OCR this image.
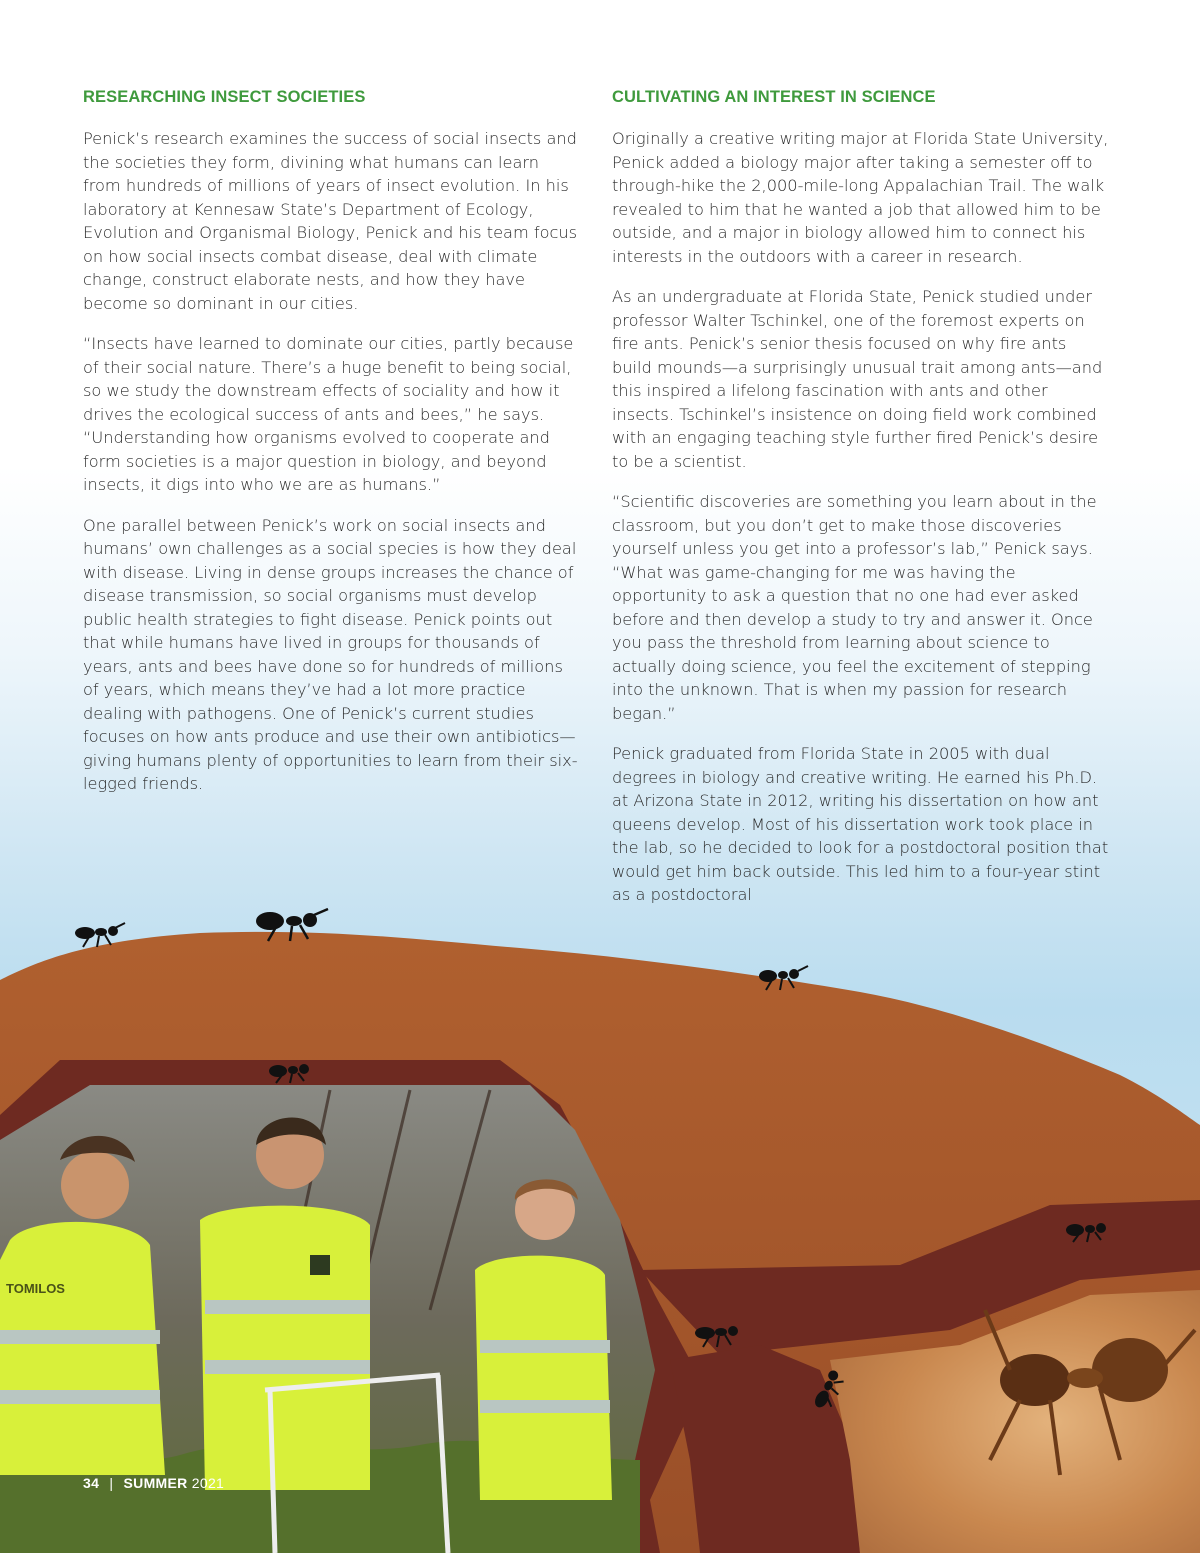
TOMILOS
RESEARCHING INSECT SOCIETIES

Penick’s research examines the success of social insects and the societies they form, divining what humans can learn from hundreds of millions of years of insect evolution. In his laboratory at Kennesaw State’s Department of Ecology, Evolution and Organismal Biology, Penick and his team focus on how social insects combat disease, deal with climate change, construct elaborate nests, and how they have become so dominant in our cities.

“Insects have learned to dominate our cities, partly because of their social nature. There’s a huge benefit to being social, so we study the downstream effects of sociality and how it drives the ecological success of ants and bees,” he says. “Understanding how organisms evolved to cooperate and form societies is a major question in biology, and beyond insects, it digs into who we are as humans.”

One parallel between Penick’s work on social insects and humans’ own challenges as a social species is how they deal with disease. Living in dense groups increases the chance of disease transmission, so social organisms must develop public health strategies to fight disease. Penick points out that while humans have lived in groups for thousands of years, ants and bees have done so for hundreds of millions of years, which means they’ve had a lot more practice dealing with pathogens. One of Penick’s current studies focuses on how ants produce and use their own antibiotics—giving humans plenty of opportunities to learn from their six-legged friends.

CULTIVATING AN INTEREST IN SCIENCE

Originally a creative writing major at Florida State University, Penick added a biology major after taking a semester off to through-hike the 2,000-mile-long Appalachian Trail. The walk revealed to him that he wanted a job that allowed him to be outside, and a major in biology allowed him to connect his interests in the outdoors with a career in research.

As an undergraduate at Florida State, Penick studied under professor Walter Tschinkel, one of the foremost experts on fire ants. Penick’s senior thesis focused on why fire ants build mounds—a surprisingly unusual trait among ants—and this inspired a lifelong fascination with ants and other insects. Tschinkel’s insistence on doing field work combined with an engaging teaching style further fired Penick’s desire to be a scientist.

“Scientific discoveries are something you learn about in the classroom, but you don’t get to make those discoveries yourself unless you get into a professor’s lab,” Penick says. “What was game-changing for me was having the opportunity to ask a question that no one had ever asked before and then develop a study to try and answer it. Once you pass the threshold from learning about science to actually doing science, you feel the excitement of stepping into the unknown. That is when my passion for research began.”

Penick graduated from Florida State in 2005 with dual degrees in biology and creative writing. He earned his Ph.D. at Arizona State in 2012, writing his dissertation on how ant queens develop. Most of his dissertation work took place in the lab, so he decided to look for a postdoctoral position that would get him back outside. This led him to a four-year stint as a postdoctoral

34 | SUMMER 2021
